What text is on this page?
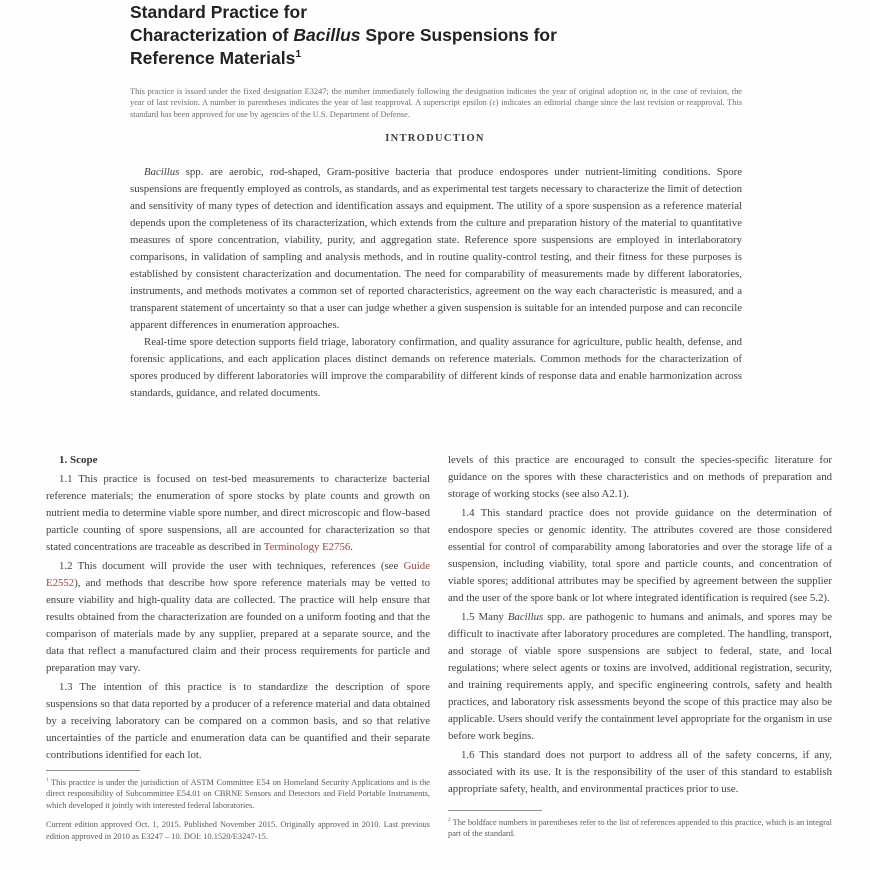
Standard Practice for
Characterization of Bacillus Spore Suspensions for
Reference Materials$^1$
This practice is issued under the fixed designation E3247; the number immediately following the designation indicates the year of original adoption or, in the case of revision, the year of last revision. A number in parentheses indicates the year of last reapproval. A superscript epsilon (ε) indicates an editorial change since the last revision or reapproval. This standard has been approved for use by agencies of the U.S. Department of Defense.
INTRODUCTION

Bacillus spp. are aerobic, rod-shaped, Gram-positive bacteria that produce endospores under nutrient-limiting conditions. Spore suspensions are frequently employed as controls, as standards, and as experimental test targets necessary to characterize the limit of detection and sensitivity of many types of detection and identification assays and equipment. The utility of a spore suspension as a reference material depends upon the completeness of its characterization, which extends from the culture and preparation history of the material to quantitative measures of spore concentration, viability, purity, and aggregation state. Reference spore suspensions are employed in interlaboratory comparisons, in validation of sampling and analysis methods, and in routine quality-control testing, and their fitness for these purposes is established by consistent characterization and documentation. The need for comparability of measurements made by different laboratories, instruments, and methods motivates a common set of reported characteristics, agreement on the way each characteristic is measured, and a transparent statement of uncertainty so that a user can judge whether a given suspension is suitable for an intended purpose and can reconcile apparent differences in enumeration approaches.

Real-time spore detection supports field triage, laboratory confirmation, and quality assurance for agriculture, public health, defense, and forensic applications, and each application places distinct demands on reference materials. Common methods for the characterization of spores produced by different laboratories will improve the comparability of different kinds of response data and enable harmonization across standards, guidance, and related documents.

1. Scope

1.1 This practice is focused on test-bed measurements to characterize bacterial reference materials; the enumeration of spore stocks by plate counts and growth on nutrient media to determine viable spore number, and direct microscopic and flow-based particle counting of spore suspensions, all are accounted for characterization so that stated concentrations are traceable as described in Terminology E2756.

1.2 This document will provide the user with techniques, references (see Guide E2552), and methods that describe how spore reference materials may be vetted to ensure viability and high-quality data are collected. The practice will help ensure that results obtained from the characterization are founded on a uniform footing and that the comparison of materials made by any supplier, prepared at a separate source, and the data that reflect a manufactured claim and their process requirements for particle and preparation may vary.

1.3 The intention of this practice is to standardize the description of spore suspensions so that data reported by a producer of a reference material and data obtained by a receiving laboratory can be compared on a common basis, and so that relative uncertainties of the particle and enumeration data can be quantified and their separate contributions identified for each lot.

levels of this practice are encouraged to consult the species-specific literature for guidance on the spores with these characteristics and on methods of preparation and storage of working stocks (see also A2.1).

1.4 This standard practice does not provide guidance on the determination of endospore species or genomic identity. The attributes covered are those considered essential for control of comparability among laboratories and over the storage life of a suspension, including viability, total spore and particle counts, and concentration of viable spores; additional attributes may be specified by agreement between the supplier and the user of the spore bank or lot where integrated identification is required (see 5.2).

1.5 Many Bacillus spp. are pathogenic to humans and animals, and spores may be difficult to inactivate after laboratory procedures are completed. The handling, transport, and storage of viable spore suspensions are subject to federal, state, and local regulations; where select agents or toxins are involved, additional registration, security, and training requirements apply, and specific engineering controls, safety and health practices, and laboratory risk assessments beyond the scope of this practice may also be applicable. Users should verify the containment level appropriate for the organism in use before work begins.

1.6 This standard does not purport to address all of the safety concerns, if any, associated with its use. It is the responsibility of the user of this standard to establish appropriate safety, health, and environmental practices prior to use.

$^1$ This practice is under the jurisdiction of ASTM Committee E54 on Homeland Security Applications and is the direct responsibility of Subcommittee E54.01 on CBRNE Sensors and Detectors and Field Portable Instruments, which developed it jointly with interested federal laboratories.

Current edition approved Oct. 1, 2015. Published November 2015. Originally approved in 2010. Last previous edition approved in 2010 as E3247 – 10. DOI: 10.1520/E3247-15.

$^2$ The boldface numbers in parentheses refer to the list of references appended to this practice, which is an integral part of the standard.
